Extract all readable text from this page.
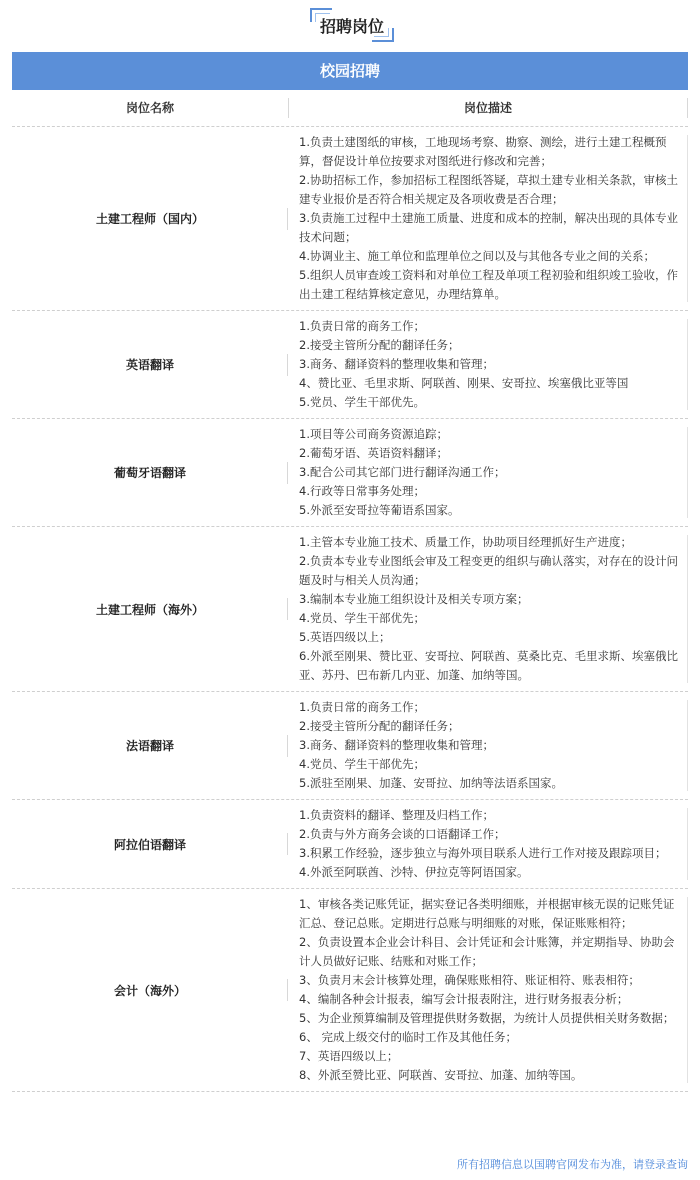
招聘岗位
校园招聘
岗位名称	岗位描述
土建工程师（国内）

1.负责土建图纸的审核，工地现场考察、勘察、测绘，进行土建工程概预算，督促设计单位按要求对图纸进行修改和完善；

2.协助招标工作，参加招标工程图纸答疑，草拟土建专业相关条款，审核土建专业报价是否符合相关规定及各项收费是否合理；

3.负责施工过程中土建施工质量、进度和成本的控制，解决出现的具体专业技术问题；

4.协调业主、施工单位和监理单位之间以及与其他各专业之间的关系；

5.组织人员审查竣工资料和对单位工程及单项工程初验和组织竣工验收，作出土建工程结算核定意见，办理结算单。

英语翻译

1.负责日常的商务工作；

2.接受主管所分配的翻译任务；

3.商务、翻译资料的整理收集和管理；

4、赞比亚、毛里求斯、阿联酋、刚果、安哥拉、埃塞俄比亚等国

5.党员、学生干部优先。

葡萄牙语翻译

1.项目等公司商务资源追踪；

2.葡萄牙语、英语资料翻译；

3.配合公司其它部门进行翻译沟通工作；

4.行政等日常事务处理；

5.外派至安哥拉等葡语系国家。

土建工程师（海外）

1.主管本专业施工技术、质量工作，协助项目经理抓好生产进度；

2.负责本专业专业图纸会审及工程变更的组织与确认落实，对存在的设计问题及时与相关人员沟通；

3.编制本专业施工组织设计及相关专项方案；

4.党员、学生干部优先；

5.英语四级以上；

6.外派至刚果、赞比亚、安哥拉、阿联酋、莫桑比克、毛里求斯、埃塞俄比亚、苏丹、巴布新几内亚、加蓬、加纳等国。

法语翻译

1.负责日常的商务工作；

2.接受主管所分配的翻译任务；

3.商务、翻译资料的整理收集和管理；

4.党员、学生干部优先；

5.派驻至刚果、加蓬、安哥拉、加纳等法语系国家。

阿拉伯语翻译

1.负责资料的翻译、整理及归档工作；

2.负责与外方商务会谈的口语翻译工作；

3.积累工作经验，逐步独立与海外项目联系人进行工作对接及跟踪项目；

4.外派至阿联酋、沙特、伊拉克等阿语国家。

会计（海外）

1、审核各类记账凭证，据实登记各类明细账，并根据审核无误的记账凭证汇总、登记总账。定期进行总账与明细账的对账，保证账账相符；

2、负责设置本企业会计科目、会计凭证和会计账簿，并定期指导、协助会计人员做好记账、结账和对账工作；

3、负责月末会计核算处理，确保账账相符、账证相符、账表相符；

4、编制各种会计报表，编写会计报表附注，进行财务报表分析；

5、为企业预算编制及管理提供财务数据，为统计人员提供相关财务数据；

6、 完成上级交付的临时工作及其他任务；

7、英语四级以上；

8、外派至赞比亚、阿联酋、安哥拉、加蓬、加纳等国。

所有招聘信息以国聘官网发布为准，请登录查询
